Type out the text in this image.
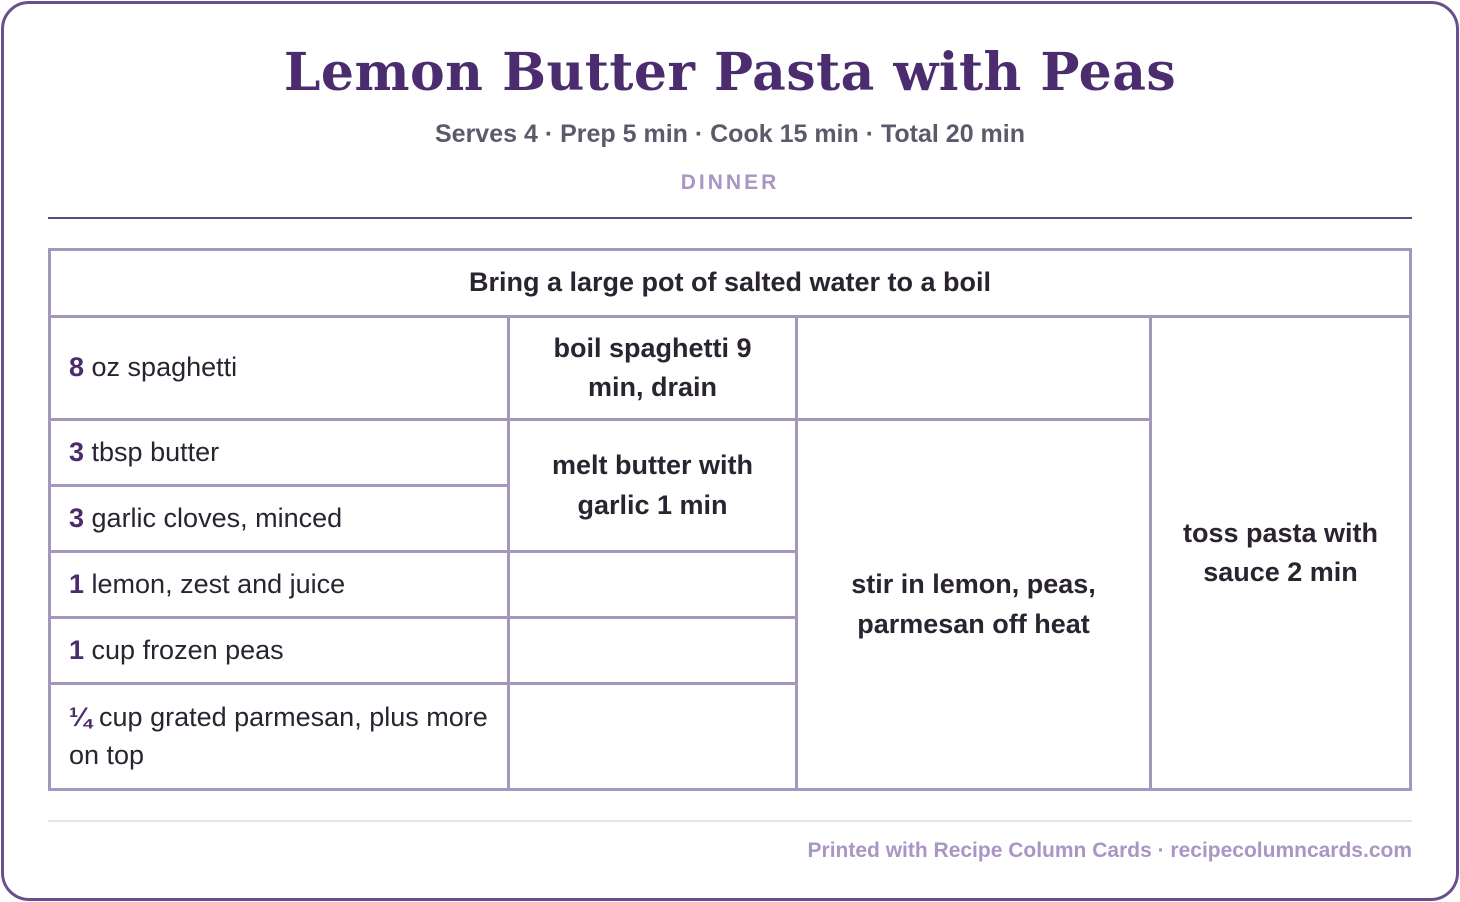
Lemon Butter Pasta with Peas
Serves 4 · Prep 5 min · Cook 15 min · Total 20 min
DINNER
Bring a large pot of salted water to a boil
8 oz spaghetti
3 tbsp butter
3 garlic cloves, minced
1 lemon, zest and juice
1 cup frozen peas
¼ cup grated parmesan, plus more on top
boil spaghetti 9 min, drain
melt butter with garlic 1 min
stir in lemon, peas, parmesan off heat
toss pasta with sauce 2 min
Printed with Recipe Column Cards · recipecolumncards.com
